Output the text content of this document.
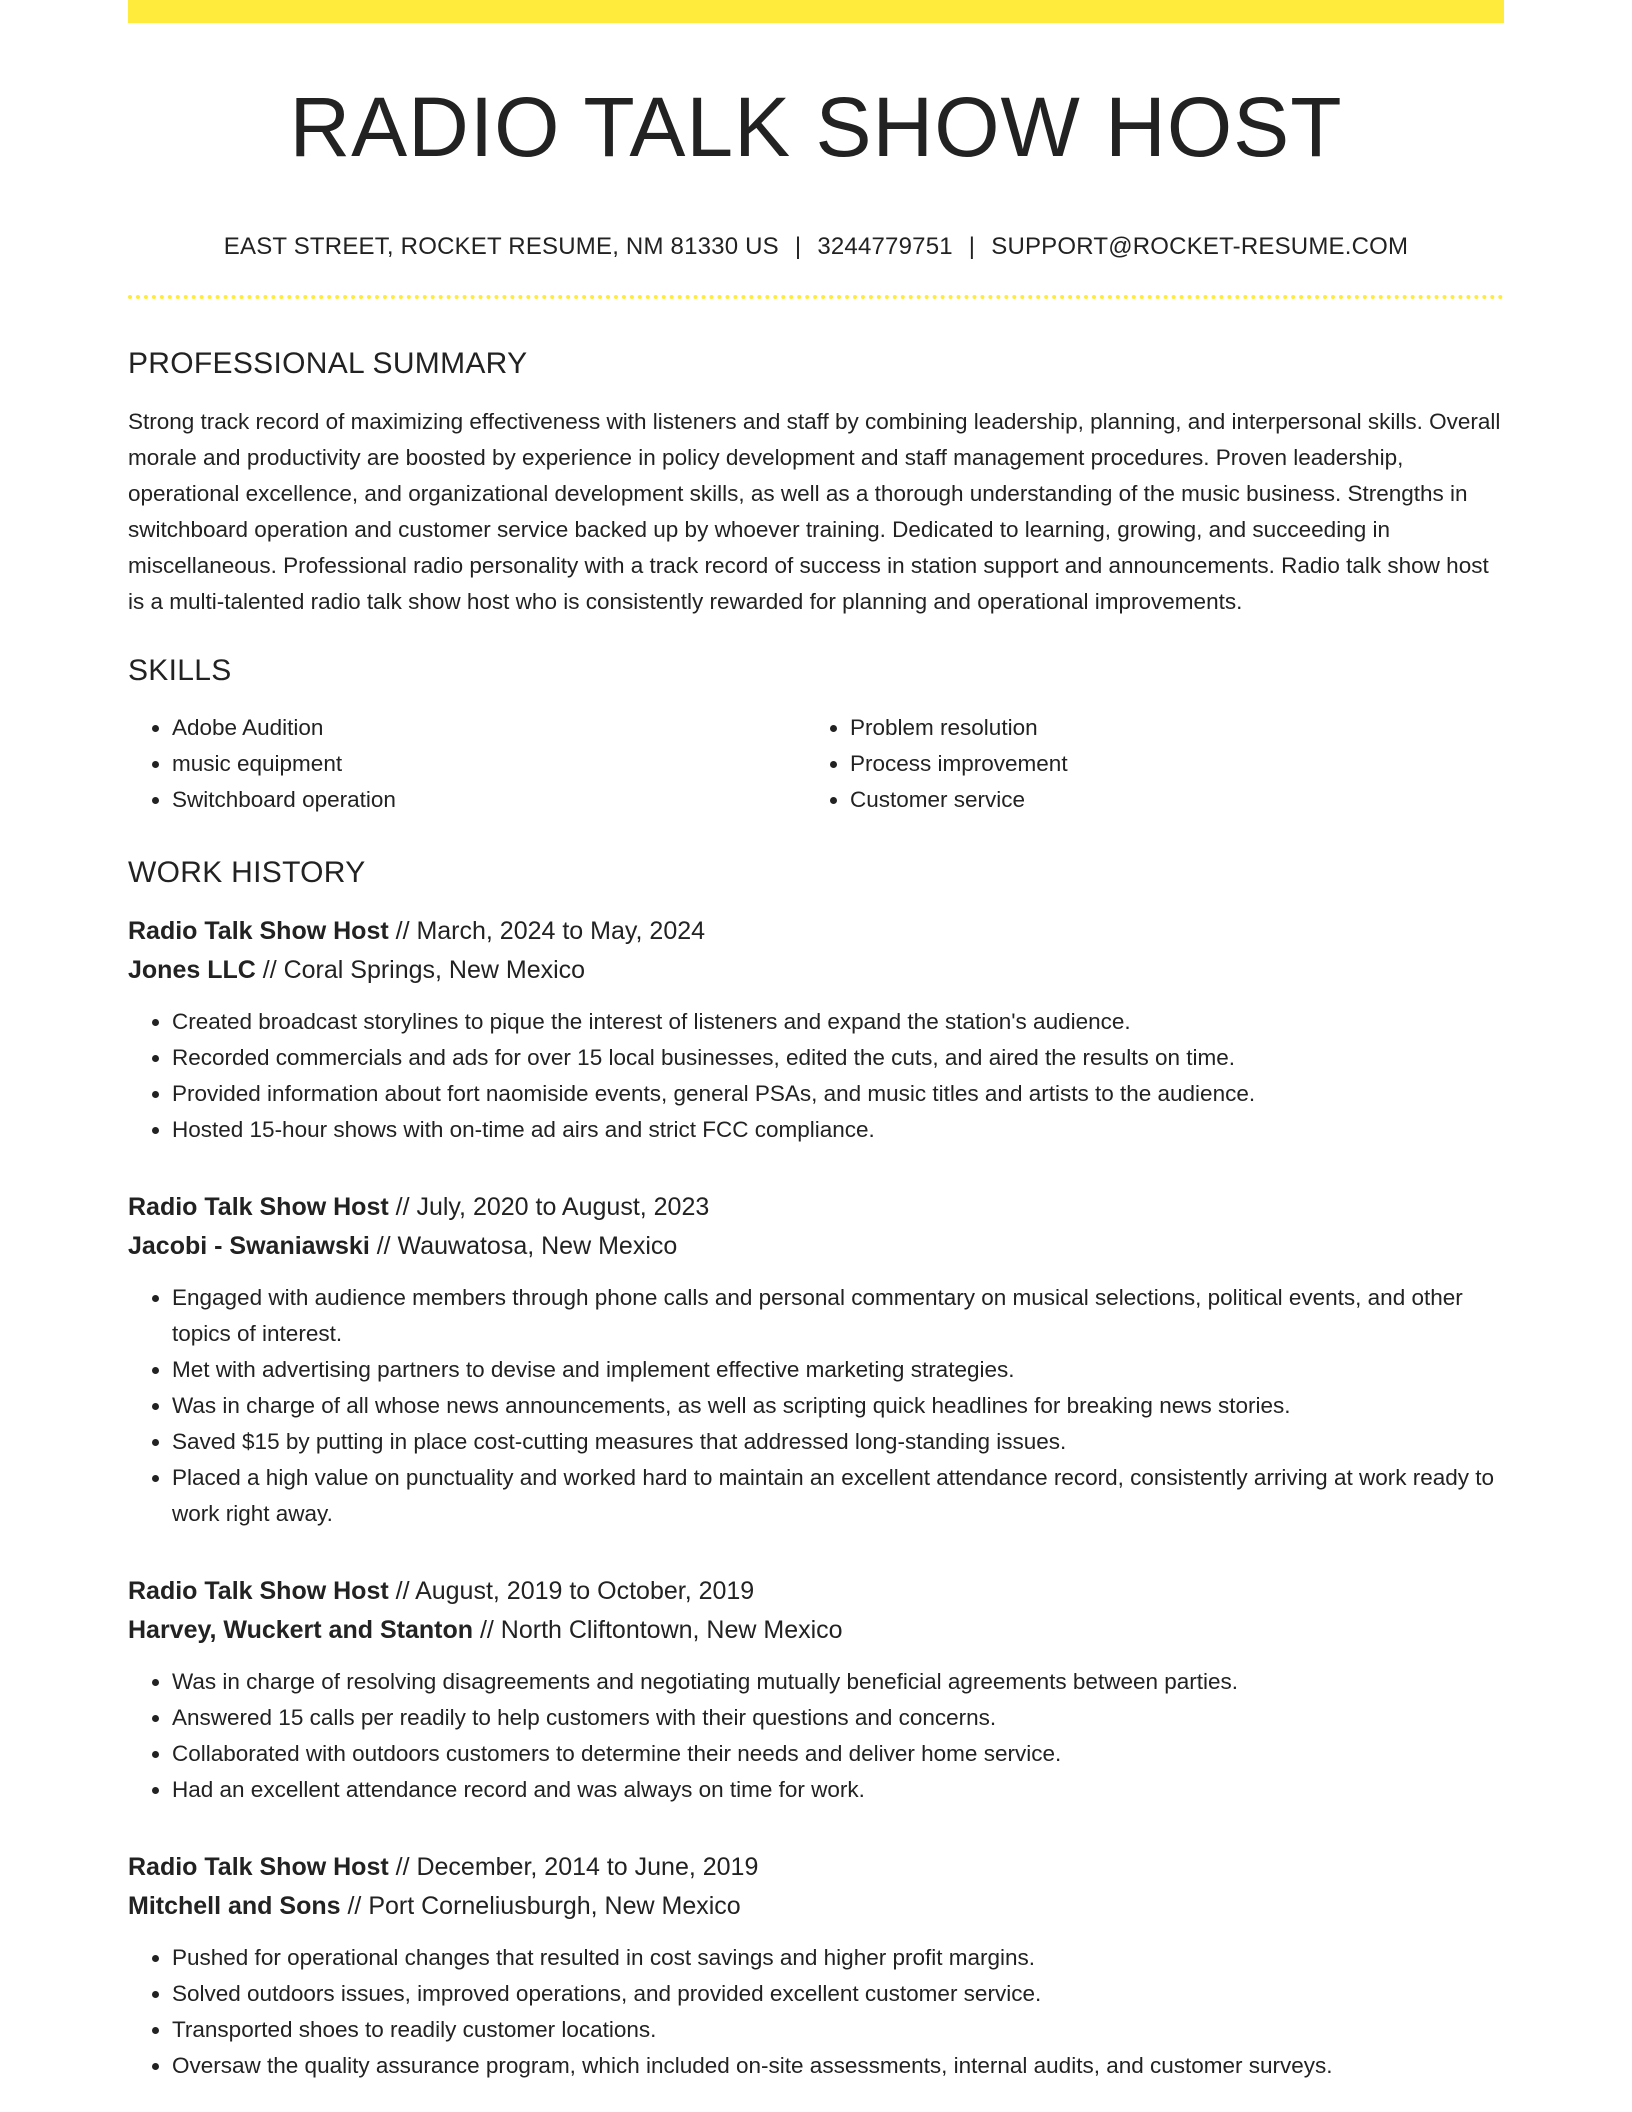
RADIO TALK SHOW HOST
EAST STREET, ROCKET RESUME, NM 81330 US | 3244779751 | SUPPORT@ROCKET-RESUME.COM
PROFESSIONAL SUMMARY

Strong track record of maximizing effectiveness with listeners and staff by combining leadership, planning, and interpersonal skills. Overall morale and productivity are boosted by experience in policy development and staff management procedures. Proven leadership, operational excellence, and organizational development skills, as well as a thorough understanding of the music business. Strengths in switchboard operation and customer service backed up by whoever training. Dedicated to learning, growing, and succeeding in miscellaneous. Professional radio personality with a track record of success in station support and announcements. Radio talk show host is a multi-talented radio talk show host who is consistently rewarded for planning and operational improvements.

SKILLS
• Adobe Audition
• music equipment
• Switchboard operation
• Problem resolution
• Process improvement
• Customer service
WORK HISTORY
Radio Talk Show Host // March, 2024 to May, 2024
Jones LLC // Coral Springs, New Mexico
• Created broadcast storylines to pique the interest of listeners and expand the station's audience.
• Recorded commercials and ads for over 15 local businesses, edited the cuts, and aired the results on time.
• Provided information about fort naomiside events, general PSAs, and music titles and artists to the audience.
• Hosted 15-hour shows with on-time ad airs and strict FCC compliance.
Radio Talk Show Host // July, 2020 to August, 2023
Jacobi - Swaniawski // Wauwatosa, New Mexico
• Engaged with audience members through phone calls and personal commentary on musical selections, political events, and other topics of interest.
• Met with advertising partners to devise and implement effective marketing strategies.
• Was in charge of all whose news announcements, as well as scripting quick headlines for breaking news stories.
• Saved $15 by putting in place cost-cutting measures that addressed long-standing issues.
• Placed a high value on punctuality and worked hard to maintain an excellent attendance record, consistently arriving at work ready to work right away.
Radio Talk Show Host // August, 2019 to October, 2019
Harvey, Wuckert and Stanton // North Cliftontown, New Mexico
• Was in charge of resolving disagreements and negotiating mutually beneficial agreements between parties.
• Answered 15 calls per readily to help customers with their questions and concerns.
• Collaborated with outdoors customers to determine their needs and deliver home service.
• Had an excellent attendance record and was always on time for work.
Radio Talk Show Host // December, 2014 to June, 2019
Mitchell and Sons // Port Corneliusburgh, New Mexico
• Pushed for operational changes that resulted in cost savings and higher profit margins.
• Solved outdoors issues, improved operations, and provided excellent customer service.
• Transported shoes to readily customer locations.
• Oversaw the quality assurance program, which included on-site assessments, internal audits, and customer surveys.
